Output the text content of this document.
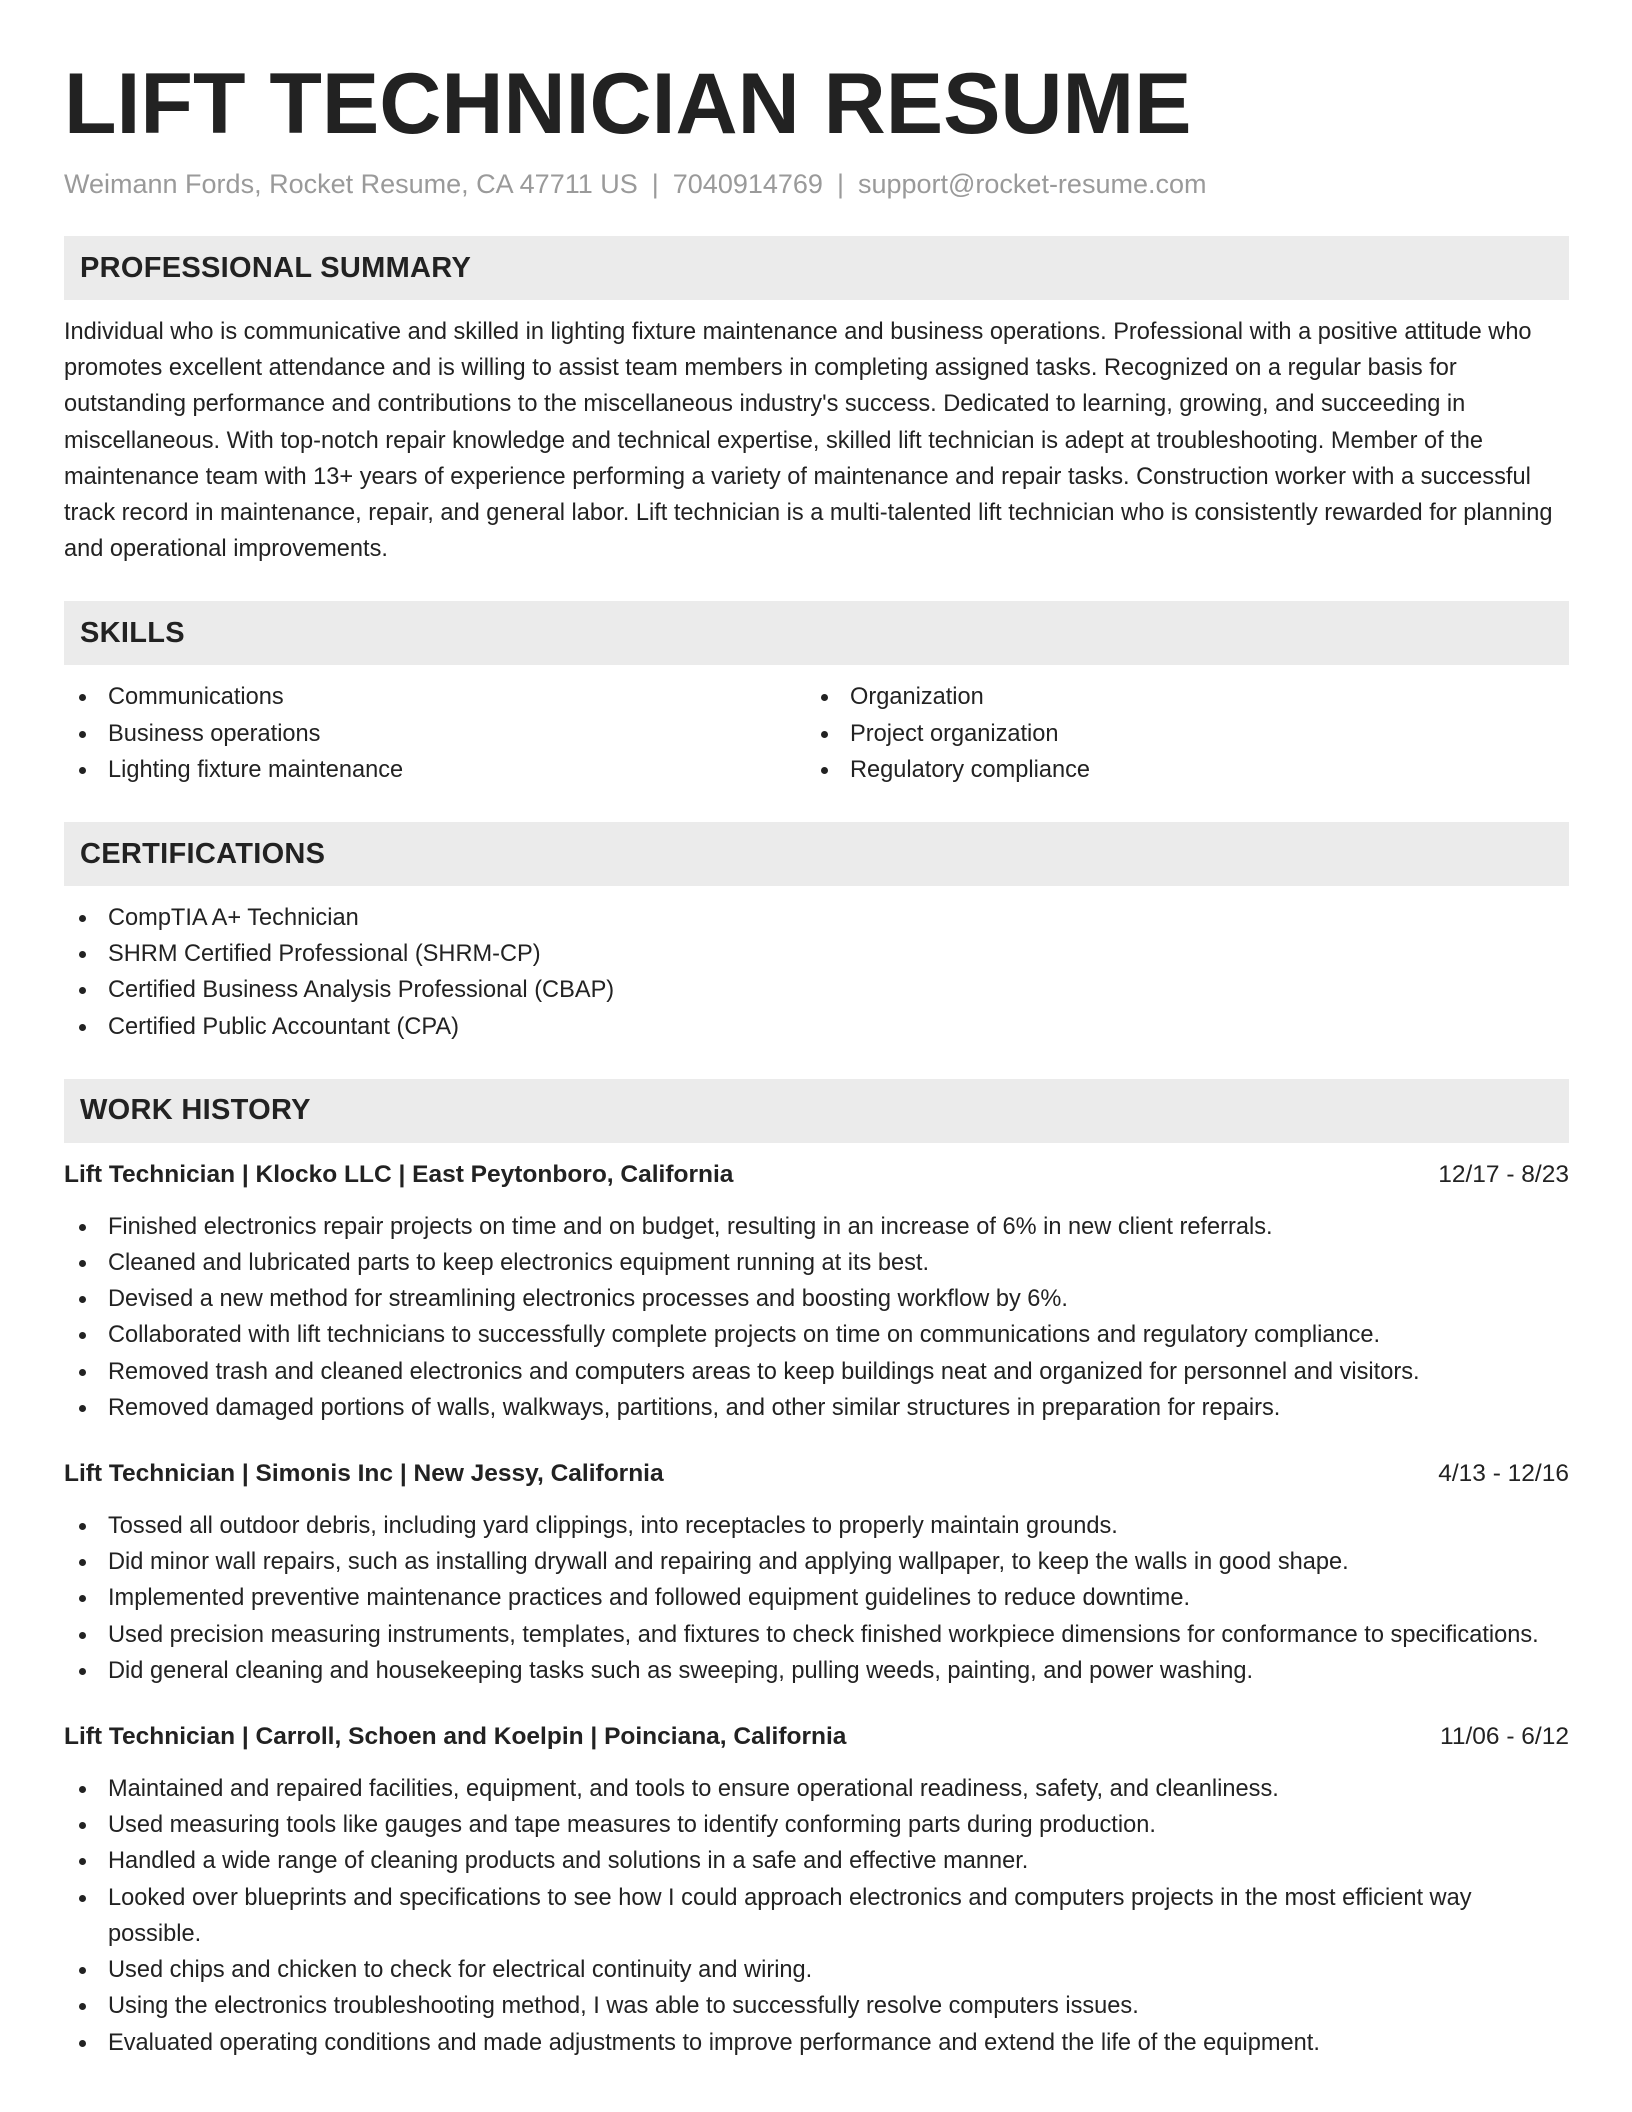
LIFT TECHNICIAN RESUME
Weimann Fords, Rocket Resume, CA 47711 US | 7040914769 | support@rocket-resume.com
PROFESSIONAL SUMMARY

Individual who is communicative and skilled in lighting fixture maintenance and business operations. Professional with a positive attitude who promotes excellent attendance and is willing to assist team members in completing assigned tasks. Recognized on a regular basis for outstanding performance and contributions to the miscellaneous industry's success. Dedicated to learning, growing, and succeeding in miscellaneous. With top-notch repair knowledge and technical expertise, skilled lift technician is adept at troubleshooting. Member of the maintenance team with 13+ years of experience performing a variety of maintenance and repair tasks. Construction worker with a successful track record in maintenance, repair, and general labor. Lift technician is a multi-talented lift technician who is consistently rewarded for planning and operational improvements.

SKILLS
Communications
Business operations
Lighting fixture maintenance
Organization
Project organization
Regulatory compliance
CERTIFICATIONS
CompTIA A+ Technician
SHRM Certified Professional (SHRM-CP)
Certified Business Analysis Professional (CBAP)
Certified Public Accountant (CPA)
WORK HISTORY
Lift Technician | Klocko LLC | East Peytonboro, California	12/17 - 8/23
Finished electronics repair projects on time and on budget, resulting in an increase of 6% in new client referrals.
Cleaned and lubricated parts to keep electronics equipment running at its best.
Devised a new method for streamlining electronics processes and boosting workflow by 6%.
Collaborated with lift technicians to successfully complete projects on time on communications and regulatory compliance.
Removed trash and cleaned electronics and computers areas to keep buildings neat and organized for personnel and visitors.
Removed damaged portions of walls, walkways, partitions, and other similar structures in preparation for repairs.
Lift Technician | Simonis Inc | New Jessy, California	4/13 - 12/16
Tossed all outdoor debris, including yard clippings, into receptacles to properly maintain grounds.
Did minor wall repairs, such as installing drywall and repairing and applying wallpaper, to keep the walls in good shape.
Implemented preventive maintenance practices and followed equipment guidelines to reduce downtime.
Used precision measuring instruments, templates, and fixtures to check finished workpiece dimensions for conformance to specifications.
Did general cleaning and housekeeping tasks such as sweeping, pulling weeds, painting, and power washing.
Lift Technician | Carroll, Schoen and Koelpin | Poinciana, California	11/06 - 6/12
Maintained and repaired facilities, equipment, and tools to ensure operational readiness, safety, and cleanliness.
Used measuring tools like gauges and tape measures to identify conforming parts during production.
Handled a wide range of cleaning products and solutions in a safe and effective manner.
Looked over blueprints and specifications to see how I could approach electronics and computers projects in the most efficient way possible.
Used chips and chicken to check for electrical continuity and wiring.
Using the electronics troubleshooting method, I was able to successfully resolve computers issues.
Evaluated operating conditions and made adjustments to improve performance and extend the life of the equipment.
